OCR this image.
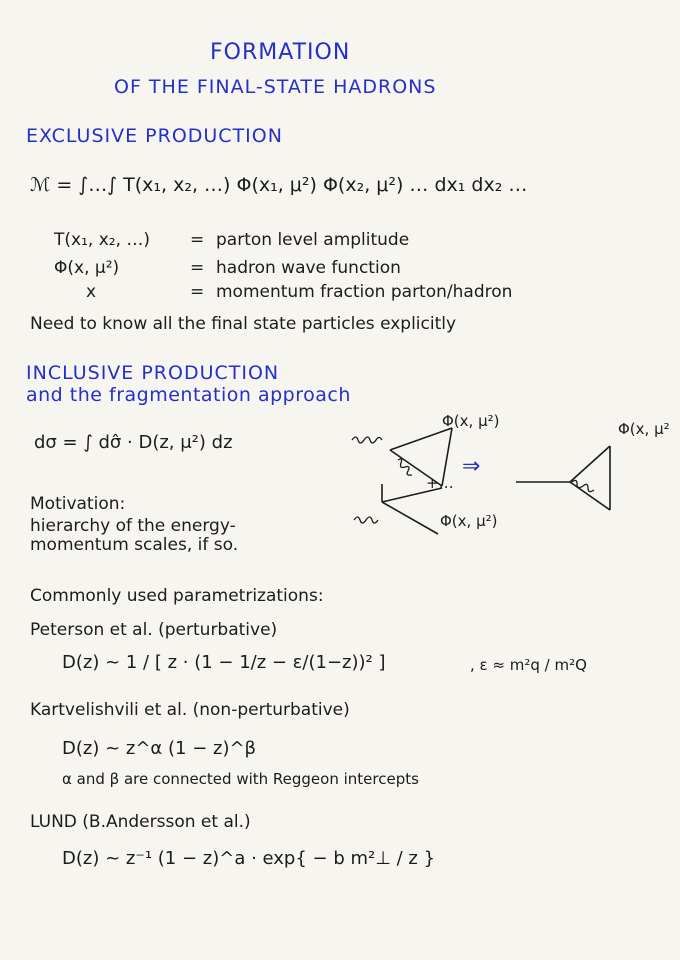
FORMATION
OF THE FINAL-STATE HADRONS
EXCLUSIVE PRODUCTION
ℳ = ∫…∫ T(x₁, x₂, …) Φ(x₁, μ²) Φ(x₂, μ²) … dx₁ dx₂ …
T(x₁, x₂, …) = parton level amplitude
Φ(x, μ²)	= hadron wave function
x	= momentum fraction parton/hadron
Need to know all the final state particles explicitly
INCLUSIVE PRODUCTION
and the fragmentation approach
dσ = ∫ dσ̂ · D(z, μ²) dz
Motivation:
hierarchy of the energy-
momentum scales, if so.
Φ(x, μ²)
Φ(x, μ²)
+…
⇒
Φ(x, μ²
Commonly used parametrizations:
Peterson et al. (perturbative)
D(z) ~ 1 / [ z · (1 − 1/z − ε/(1−z))² ]	, ε ≈ m²q / m²Q
Kartvelishvili et al. (non-perturbative)
D(z) ~ z^α (1 − z)^β
α and β are connected with Reggeon intercepts
LUND (B.Andersson et al.)
D(z) ~ z⁻¹ (1 − z)^a · exp{ − b m²⊥ / z }
